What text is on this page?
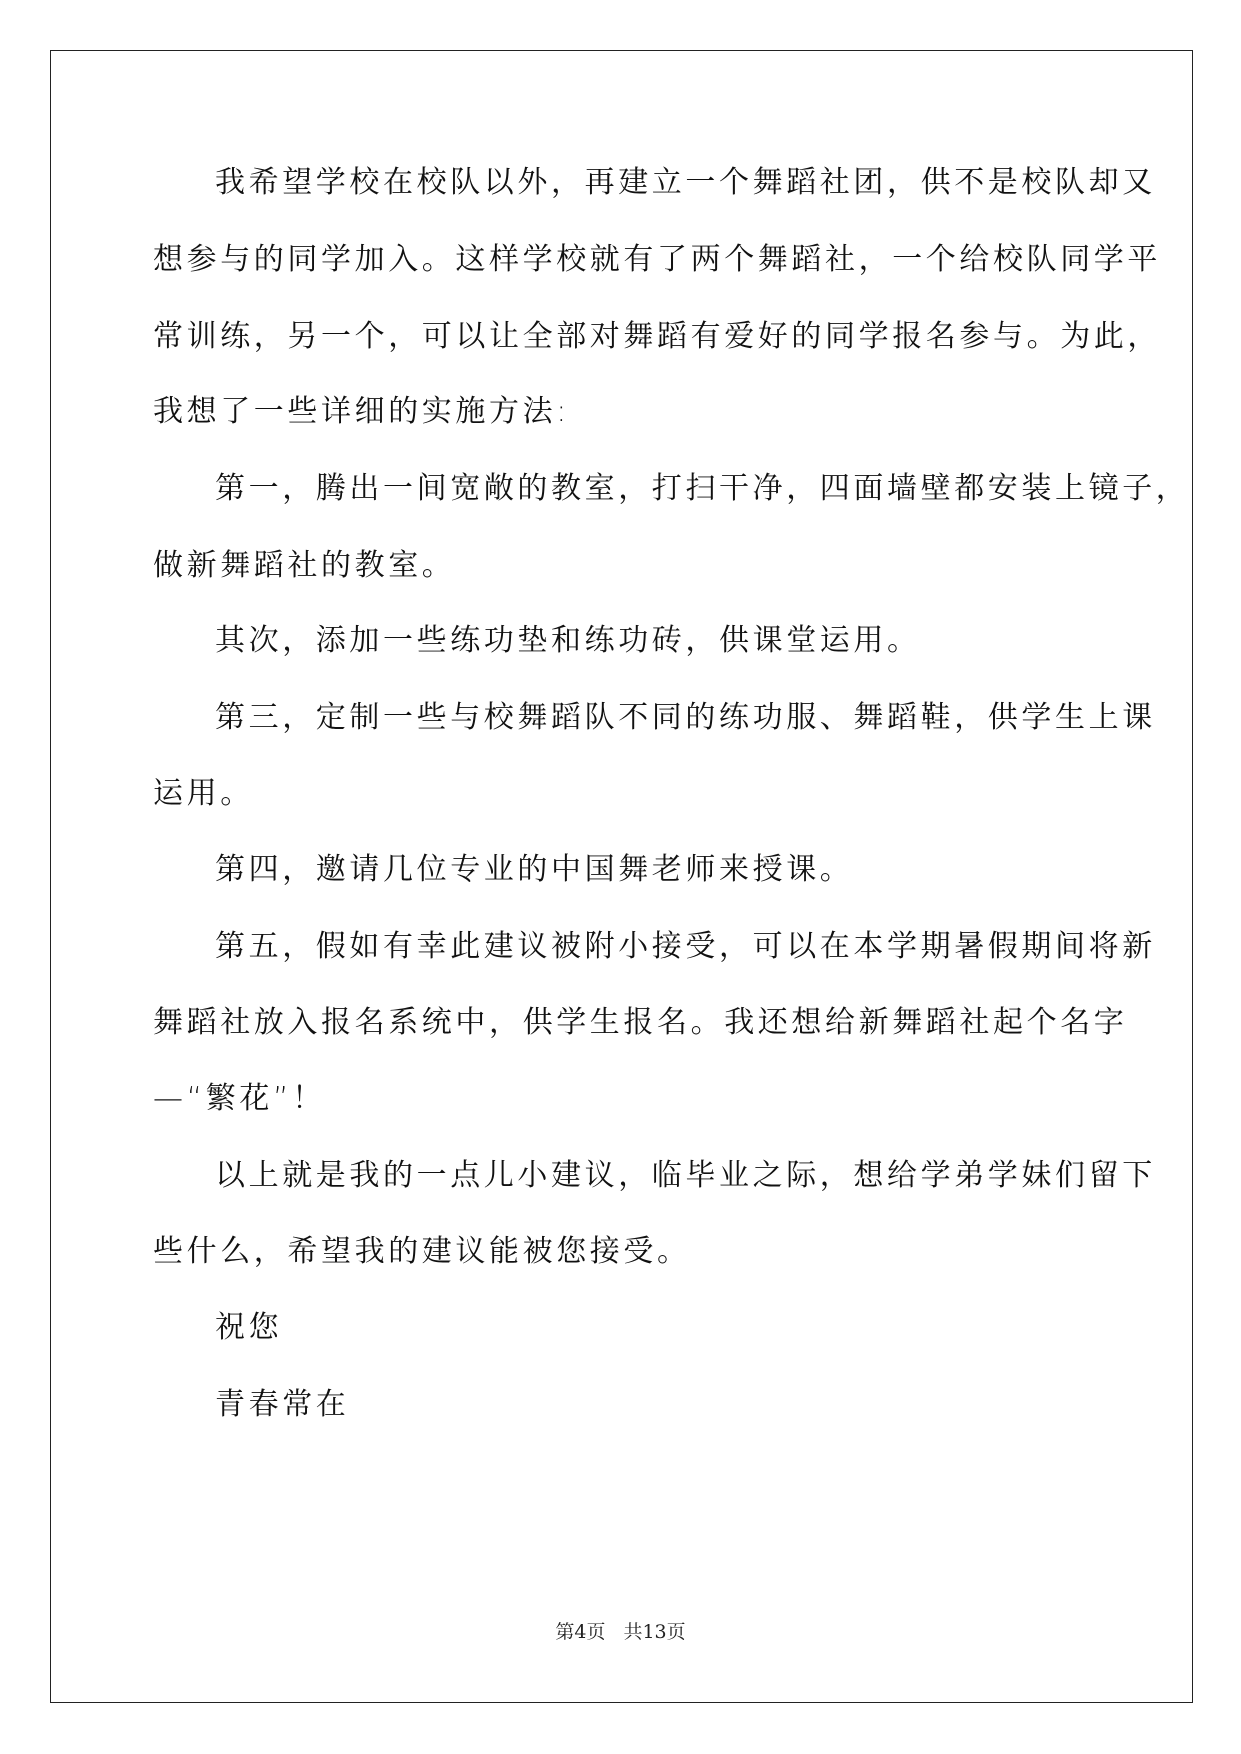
我希望学校在校队以外，再建立一个舞蹈社团，供不是校队却又
想参与的同学加入。这样学校就有了两个舞蹈社，一个给校队同学平
常训练，另一个，可以让全部对舞蹈有爱好的同学报名参与。为此，
我想了一些详细的实施方法:
第一，腾出一间宽敞的教室，打扫干净，四面墙壁都安装上镜子，
做新舞蹈社的教室。
其次，添加一些练功垫和练功砖，供课堂运用。
第三，定制一些与校舞蹈队不同的练功服、舞蹈鞋，供学生上课
运用。
第四，邀请几位专业的中国舞老师来授课。
第五，假如有幸此建议被附小接受，可以在本学期暑假期间将新
舞蹈社放入报名系统中，供学生报名。我还想给新舞蹈社起个名字
—“繁花”！
以上就是我的一点儿小建议，临毕业之际，想给学弟学妹们留下
些什么，希望我的建议能被您接受。
祝您
青春常在
第4页 共13页
